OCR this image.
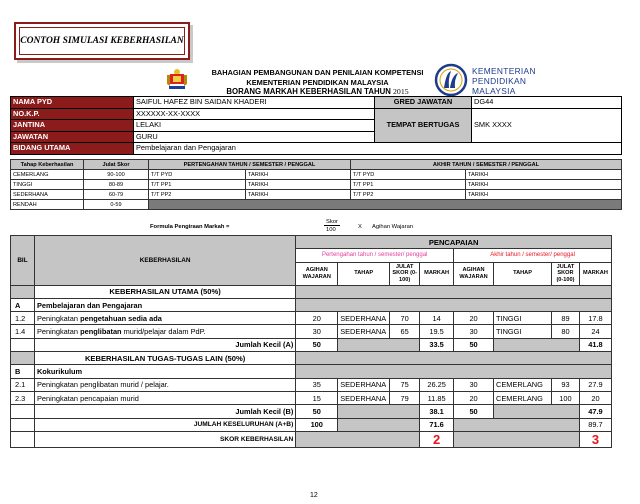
CONTOH SIMULASI KEBERHASILAN
BAHAGIAN PEMBANGUNAN DAN PENILAIAN KOMPETENSI
KEMENTERIAN PENDIDIKAN MALAYSIA
BORANG MARKAH KEBERHASILAN TAHUN 2015
KEMENTERIAN
PENDIDIKAN
MALAYSIA
NAMA PYD	SAIFUL HAFEZ BIN SAIDAN KHADERI	GRED JAWATAN	DG44
NO.K.P.	XXXXXX-XX-XXXX	TEMPAT BERTUGAS	SMK XXXX
JANTINA	LELAKI		
JAWATAN	GURU		
BIDANG UTAMA	Pembelajaran dan Pengajaran		
Tahap Keberhasilan	Julat Skor	PERTENGAHAN TAHUN / SEMESTER / PENGGAL		AKHIR TAHUN / SEMESTER / PENGGAL	
CEMERLANG	90-100	T/T PYD	TARIKH	T/T PYD	TARIKH
TINGGI	80-89	T/T PP1	TARIKH	T/T PP1	TARIKH
SEDERHANA	60-79	T/T PP2	TARIKH	T/T PP2	TARIKH
RENDAH	0-59				
Formula Pengiraan Markah =
Skor
100	X Agihan Wajaran
BIL	KEBERHASILAN	PENCAPAIAN							
		Pertengahan tahun / semester/ penggal				Akhir tahun / semester/ penggal			
		AGIHAN WAJARAN	TAHAP	JULAT SKOR (0-100)	MARKAH	AGIHAN WAJARAN	TAHAP	JULAT SKOR (0-100)	MARKAH
	KEBERHASILAN UTAMA (50%)								
A	Pembelajaran dan Pengajaran								
1.2	Peningkatan pengetahuan sedia ada	20	SEDERHANA	70	14	20	TINGGI	89	17.8
1.4	Peningkatan penglibatan murid/pelajar dalam PdP.	30	SEDERHANA	65	19.5	30	TINGGI	80	24
	Jumlah Kecil (A)	50			33.5	50			41.8
	KEBERHASILAN TUGAS-TUGAS LAIN (50%)								
B	Kokurikulum								
2.1	Peningkatan penglibatan murid / pelajar.	35	SEDERHANA	75	26.25	30	CEMERLANG	93	27.9
2.3	Peningkatan pencapaian murid	15	SEDERHANA	79	11.85	20	CEMERLANG	100	20
	Jumlah Kecil (B)	50			38.1	50			47.9
	JUMLAH KESELURUHAN (A+B)	100			71.6				89.7
	SKOR KEBERHASILAN				2				3
12
